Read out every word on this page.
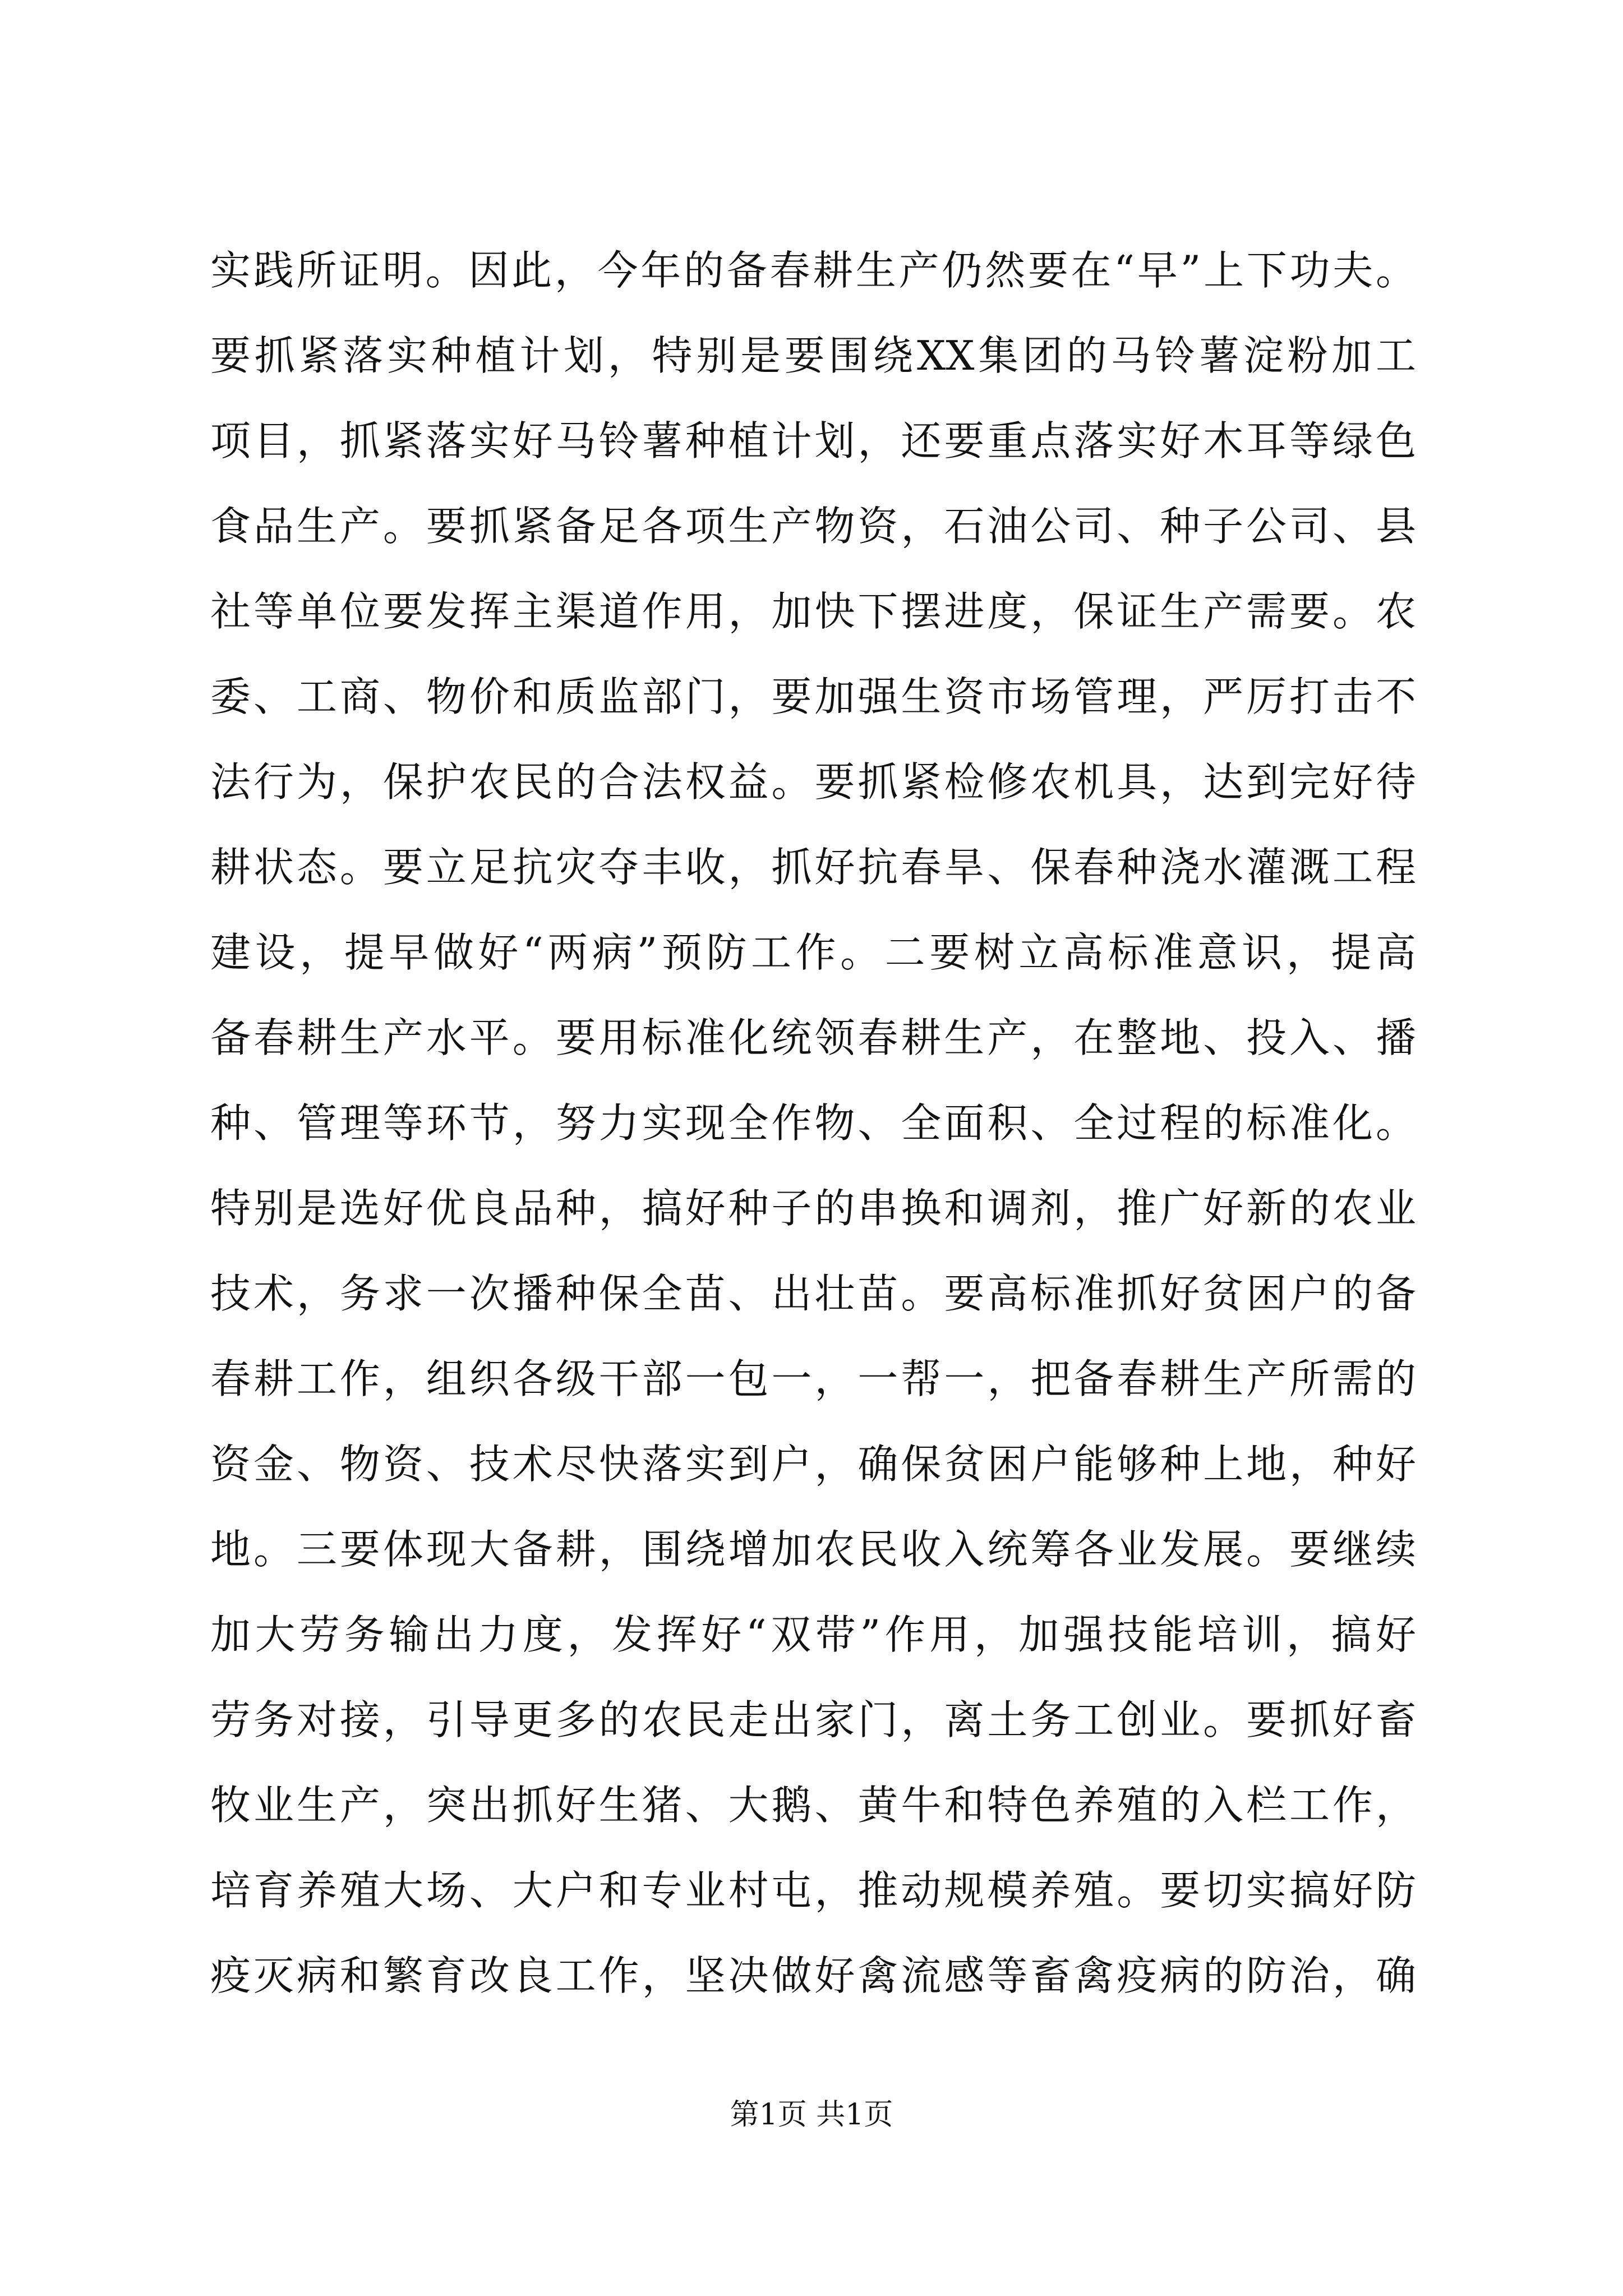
实践所证明。因此，今年的备春耕生产仍然要在“早”上下功夫。
要抓紧落实种植计划，特别是要围绕XX集团的马铃薯淀粉加工
项目，抓紧落实好马铃薯种植计划，还要重点落实好木耳等绿色
食品生产。要抓紧备足各项生产物资，石油公司、种子公司、县
社等单位要发挥主渠道作用，加快下摆进度，保证生产需要。农
委、工商、物价和质监部门，要加强生资市场管理，严厉打击不
法行为，保护农民的合法权益。要抓紧检修农机具，达到完好待
耕状态。要立足抗灾夺丰收，抓好抗春旱、保春种浇水灌溉工程
建设，提早做好“两病”预防工作。二要树立高标准意识，提高
备春耕生产水平。要用标准化统领春耕生产，在整地、投入、播
种、管理等环节，努力实现全作物、全面积、全过程的标准化。
特别是选好优良品种，搞好种子的串换和调剂，推广好新的农业
技术，务求一次播种保全苗、出壮苗。要高标准抓好贫困户的备
春耕工作，组织各级干部一包一，一帮一，把备春耕生产所需的
资金、物资、技术尽快落实到户，确保贫困户能够种上地，种好
地。三要体现大备耕，围绕增加农民收入统筹各业发展。要继续
加大劳务输出力度，发挥好“双带”作用，加强技能培训，搞好
劳务对接，引导更多的农民走出家门，离土务工创业。要抓好畜
牧业生产，突出抓好生猪、大鹅、黄牛和特色养殖的入栏工作，
培育养殖大场、大户和专业村屯，推动规模养殖。要切实搞好防
疫灭病和繁育改良工作，坚决做好禽流感等畜禽疫病的防治，确
第1页 共1页
